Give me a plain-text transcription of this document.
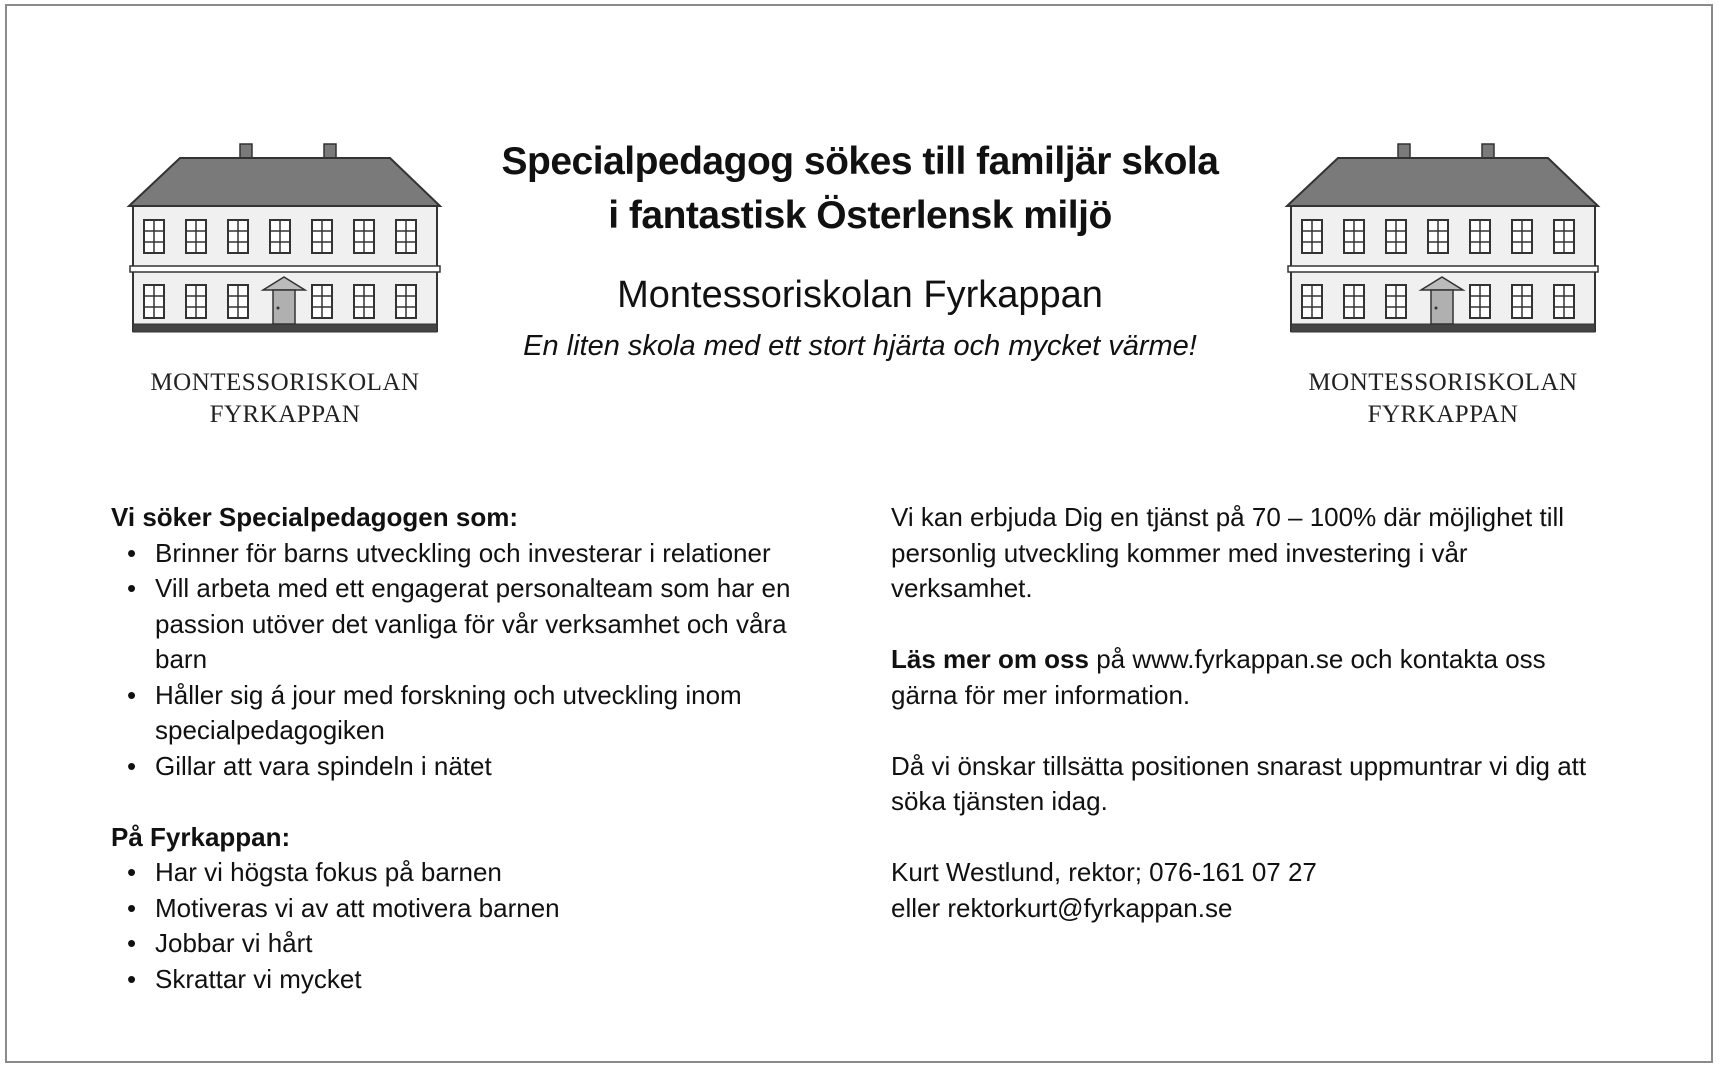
MONTESSORISKOLAN
FYRKAPPAN
MONTESSORISKOLAN
FYRKAPPAN
Specialpedagog sökes till familjär skola
i fantastisk Österlensk miljö
Montessoriskolan Fyrkappan
En liten skola med ett stort hjärta och mycket värme!
Vi söker Specialpedagogen som:
• Brinner för barns utveckling och investerar i relationer
• Vill arbeta med ett engagerat personalteam som har en passion utöver det vanliga för vår verksamhet och våra barn
• Håller sig á jour med forskning och utveckling inom specialpedagogiken
• Gillar att vara spindeln i nätet
På Fyrkappan:
• Har vi högsta fokus på barnen
• Motiveras vi av att motivera barnen
• Jobbar vi hårt
• Skrattar vi mycket

Vi kan erbjuda Dig en tjänst på 70 – 100% där möjlighet till personlig utveckling kommer med investering i vår verksamhet.

Läs mer om oss på www.fyrkappan.se och kontakta oss gärna för mer information.

Då vi önskar tillsätta positionen snarast uppmuntrar vi dig att söka tjänsten idag.

Kurt Westlund, rektor; 076-161 07 27

eller rektorkurt@fyrkappan.se
